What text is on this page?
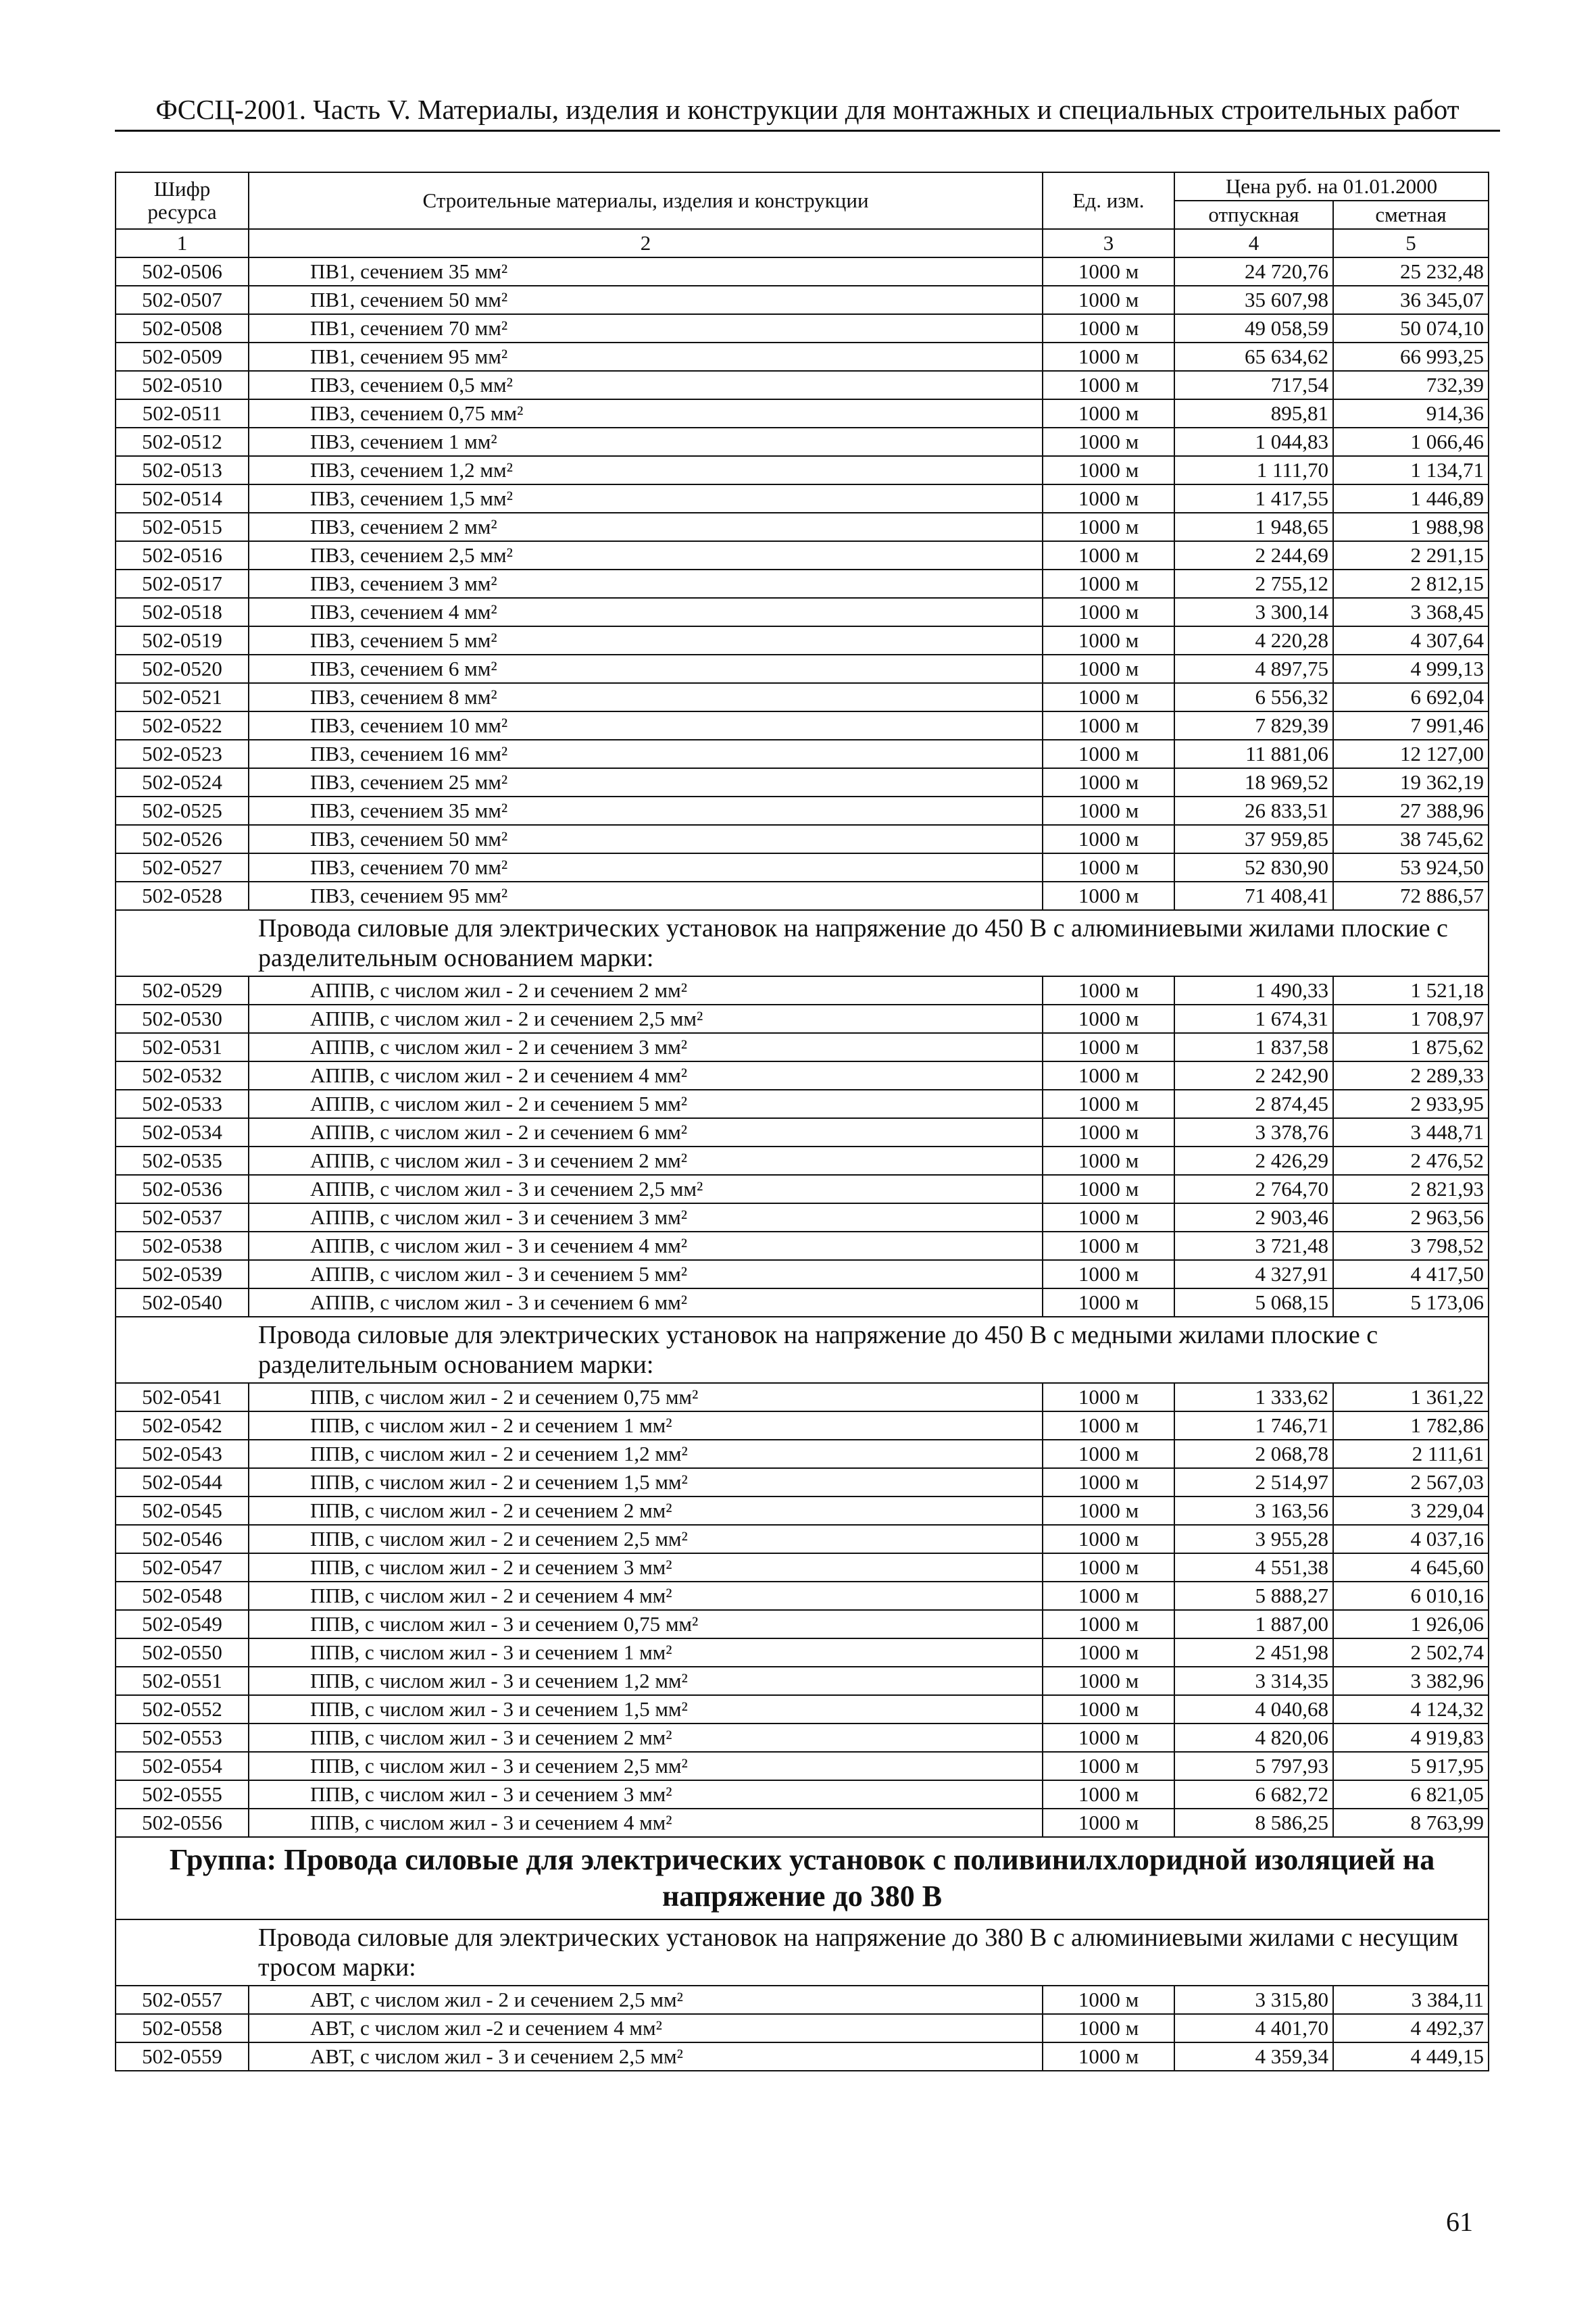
ФССЦ-2001. Часть V. Материалы, изделия и конструкции для монтажных и специальных строительных работ
Шифр ресурса	Строительные материалы, изделия и конструкции	Ед. изм.	Цена руб. на 01.01.2000	
			отпускная	сметная
1	2	3	4	5
502-0506	ПВ1, сечением 35 мм²	1000 м	24 720,76	25 232,48
502-0507	ПВ1, сечением 50 мм²	1000 м	35 607,98	36 345,07
502-0508	ПВ1, сечением 70 мм²	1000 м	49 058,59	50 074,10
502-0509	ПВ1, сечением 95 мм²	1000 м	65 634,62	66 993,25
502-0510	ПВ3, сечением 0,5 мм²	1000 м	717,54	732,39
502-0511	ПВ3, сечением 0,75 мм²	1000 м	895,81	914,36
502-0512	ПВ3, сечением 1 мм²	1000 м	1 044,83	1 066,46
502-0513	ПВ3, сечением 1,2 мм²	1000 м	1 111,70	1 134,71
502-0514	ПВ3, сечением 1,5 мм²	1000 м	1 417,55	1 446,89
502-0515	ПВ3, сечением 2 мм²	1000 м	1 948,65	1 988,98
502-0516	ПВ3, сечением 2,5 мм²	1000 м	2 244,69	2 291,15
502-0517	ПВ3, сечением 3 мм²	1000 м	2 755,12	2 812,15
502-0518	ПВ3, сечением 4 мм²	1000 м	3 300,14	3 368,45
502-0519	ПВ3, сечением 5 мм²	1000 м	4 220,28	4 307,64
502-0520	ПВ3, сечением 6 мм²	1000 м	4 897,75	4 999,13
502-0521	ПВ3, сечением 8 мм²	1000 м	6 556,32	6 692,04
502-0522	ПВ3, сечением 10 мм²	1000 м	7 829,39	7 991,46
502-0523	ПВ3, сечением 16 мм²	1000 м	11 881,06	12 127,00
502-0524	ПВ3, сечением 25 мм²	1000 м	18 969,52	19 362,19
502-0525	ПВ3, сечением 35 мм²	1000 м	26 833,51	27 388,96
502-0526	ПВ3, сечением 50 мм²	1000 м	37 959,85	38 745,62
502-0527	ПВ3, сечением 70 мм²	1000 м	52 830,90	53 924,50
502-0528	ПВ3, сечением 95 мм²	1000 м	71 408,41	72 886,57
Провода силовые для электрических установок на напряжение до 450 В с алюминиевыми жилами плоские с разделительным основанием марки:				
502-0529	АППВ, с числом жил - 2 и сечением 2 мм²	1000 м	1 490,33	1 521,18
502-0530	АППВ, с числом жил - 2 и сечением 2,5 мм²	1000 м	1 674,31	1 708,97
502-0531	АППВ, с числом жил - 2 и сечением 3 мм²	1000 м	1 837,58	1 875,62
502-0532	АППВ, с числом жил - 2 и сечением 4 мм²	1000 м	2 242,90	2 289,33
502-0533	АППВ, с числом жил - 2 и сечением 5 мм²	1000 м	2 874,45	2 933,95
502-0534	АППВ, с числом жил - 2 и сечением 6 мм²	1000 м	3 378,76	3 448,71
502-0535	АППВ, с числом жил - 3 и сечением 2 мм²	1000 м	2 426,29	2 476,52
502-0536	АППВ, с числом жил - 3 и сечением 2,5 мм²	1000 м	2 764,70	2 821,93
502-0537	АППВ, с числом жил - 3 и сечением 3 мм²	1000 м	2 903,46	2 963,56
502-0538	АППВ, с числом жил - 3 и сечением 4 мм²	1000 м	3 721,48	3 798,52
502-0539	АППВ, с числом жил - 3 и сечением 5 мм²	1000 м	4 327,91	4 417,50
502-0540	АППВ, с числом жил - 3 и сечением 6 мм²	1000 м	5 068,15	5 173,06
Провода силовые для электрических установок на напряжение до 450 В с медными жилами плоские с разделительным основанием марки:				
502-0541	ППВ, с числом жил - 2 и сечением 0,75 мм²	1000 м	1 333,62	1 361,22
502-0542	ППВ, с числом жил - 2 и сечением 1 мм²	1000 м	1 746,71	1 782,86
502-0543	ППВ, с числом жил - 2 и сечением 1,2 мм²	1000 м	2 068,78	2 111,61
502-0544	ППВ, с числом жил - 2 и сечением 1,5 мм²	1000 м	2 514,97	2 567,03
502-0545	ППВ, с числом жил - 2 и сечением 2 мм²	1000 м	3 163,56	3 229,04
502-0546	ППВ, с числом жил - 2 и сечением 2,5 мм²	1000 м	3 955,28	4 037,16
502-0547	ППВ, с числом жил - 2 и сечением 3 мм²	1000 м	4 551,38	4 645,60
502-0548	ППВ, с числом жил - 2 и сечением 4 мм²	1000 м	5 888,27	6 010,16
502-0549	ППВ, с числом жил - 3 и сечением 0,75 мм²	1000 м	1 887,00	1 926,06
502-0550	ППВ, с числом жил - 3 и сечением 1 мм²	1000 м	2 451,98	2 502,74
502-0551	ППВ, с числом жил - 3 и сечением 1,2 мм²	1000 м	3 314,35	3 382,96
502-0552	ППВ, с числом жил - 3 и сечением 1,5 мм²	1000 м	4 040,68	4 124,32
502-0553	ППВ, с числом жил - 3 и сечением 2 мм²	1000 м	4 820,06	4 919,83
502-0554	ППВ, с числом жил - 3 и сечением 2,5 мм²	1000 м	5 797,93	5 917,95
502-0555	ППВ, с числом жил - 3 и сечением 3 мм²	1000 м	6 682,72	6 821,05
502-0556	ППВ, с числом жил - 3 и сечением 4 мм²	1000 м	8 586,25	8 763,99
Группа: Провода силовые для электрических установок с поливинилхлоридной изоляцией на напряжение до 380 В				
Провода силовые для электрических установок на напряжение до 380 В с алюминиевыми жилами с несущим тросом марки:				
502-0557	АВТ, с числом жил - 2 и сечением 2,5 мм²	1000 м	3 315,80	3 384,11
502-0558	АВТ, с числом жил -2 и сечением 4 мм²	1000 м	4 401,70	4 492,37
502-0559	АВТ, с числом жил - 3 и сечением 2,5 мм²	1000 м	4 359,34	4 449,15
61
